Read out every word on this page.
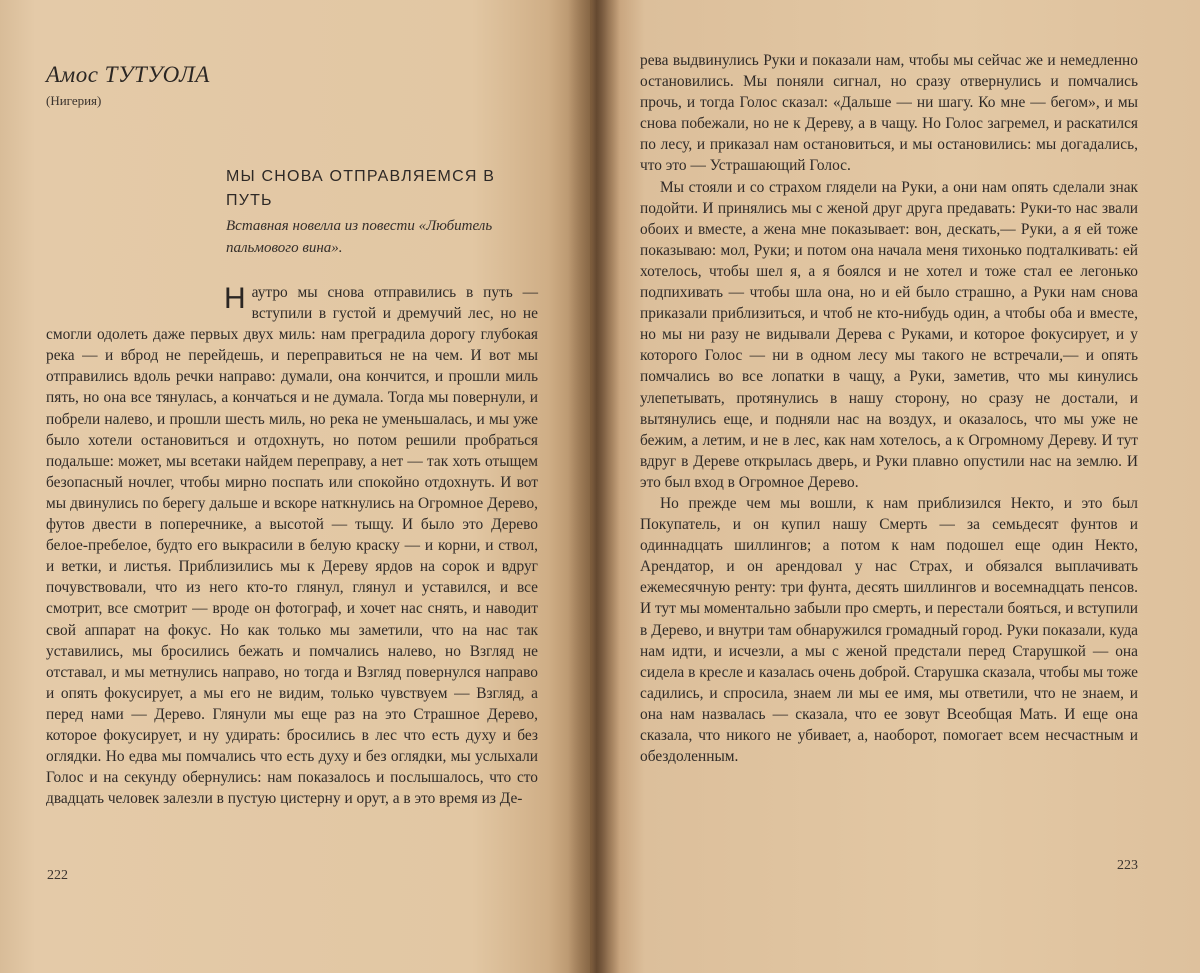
Амос ТУТУОЛА
(Нигерия)
МЫ СНОВА ОТПРАВЛЯЕМСЯ В ПУТЬ
Вставная новелла из повести «Любитель пальмового вина».

Наутро мы снова отправились в путь — вступили в густой и дремучий лес, но не смогли одолеть даже первых двух миль: нам преградила дорогу глубокая река — и вброд не перейдешь, и переправиться не на чем. И вот мы отправились вдоль речки направо: думали, она кончится, и прошли миль пять, но она все тянулась, а кончаться и не думала. Тогда мы повернули, и побрели налево, и прошли шесть миль, но река не уменьшалась, и мы уже было хотели остановиться и отдохнуть, но потом решили пробраться подальше: может, мы всетаки найдем переправу, а нет — так хоть отыщем безопасный ночлег, чтобы мирно поспать или спокойно отдохнуть. И вот мы двинулись по берегу дальше и вскоре наткнулись на Огромное Дерево, футов двести в поперечнике, а высотой — тыщу. И было это Дерево белое-пребелое, будто его выкрасили в белую краску — и корни, и ствол, и ветки, и листья. Приблизились мы к Дереву ярдов на сорок и вдруг почувствовали, что из него кто-то глянул, глянул и уставился, и все смотрит, все смотрит — вроде он фотограф, и хочет нас снять, и наводит свой аппарат на фокус. Но как только мы заметили, что на нас так уставились, мы бросились бежать и помчались налево, но Взгляд не отставал, и мы метнулись направо, но тогда и Взгляд повернулся направо и опять фокусирует, а мы его не видим, только чувствуем — Взгляд, а перед нами — Дерево. Глянули мы еще раз на это Страшное Дерево, которое фокусирует, и ну удирать: бросились в лес что есть духу и без оглядки. Но едва мы помчались что есть духу и без оглядки, мы услыхали Голос и на секунду обернулись: нам показалось и послышалось, что сто двадцать человек залезли в пустую цистерну и орут, а в это время из Де-

222

рева выдвинулись Руки и показали нам, чтобы мы сейчас же и немедленно остановились. Мы поняли сигнал, но сразу отвернулись и помчались прочь, и тогда Голос сказал: «Дальше — ни шагу. Ко мне — бегом», и мы снова побежали, но не к Дереву, а в чащу. Но Голос загремел, и раскатился по лесу, и приказал нам остановиться, и мы остановились: мы догадались, что это — Устрашающий Голос.

Мы стояли и со страхом глядели на Руки, а они нам опять сделали знак подойти. И принялись мы с женой друг друга предавать: Руки-то нас звали обоих и вместе, а жена мне показывает: вон, дескать,— Руки, а я ей тоже показываю: мол, Руки; и потом она начала меня тихонько подталкивать: ей хотелось, чтобы шел я, а я боялся и не хотел и тоже стал ее легонько подпихивать — чтобы шла она, но и ей было страшно, а Руки нам снова приказали приблизиться, и чтоб не кто-нибудь один, а чтобы оба и вместе, но мы ни разу не видывали Дерева с Руками, и которое фокусирует, и у которого Голос — ни в одном лесу мы такого не встречали,— и опять помчались во все лопатки в чащу, а Руки, заметив, что мы кинулись улепетывать, протянулись в нашу сторону, но сразу не достали, и вытянулись еще, и подняли нас на воздух, и оказалось, что мы уже не бежим, а летим, и не в лес, как нам хотелось, а к Огромному Дереву. И тут вдруг в Дереве открылась дверь, и Руки плавно опустили нас на землю. И это был вход в Огромное Дерево.

Но прежде чем мы вошли, к нам приблизился Некто, и это был Покупатель, и он купил нашу Смерть — за семьдесят фунтов и одиннадцать шиллингов; а потом к нам подошел еще один Некто, Арендатор, и он арендовал у нас Страх, и обязался выплачивать ежемесячную ренту: три фунта, десять шиллингов и восемнадцать пенсов. И тут мы моментально забыли про смерть, и перестали бояться, и вступили в Дерево, и внутри там обнаружился громадный город. Руки показали, куда нам идти, и исчезли, а мы с женой предстали перед Старушкой — она сидела в кресле и казалась очень доброй. Старушка сказала, чтобы мы тоже садились, и спросила, знаем ли мы ее имя, мы ответили, что не знаем, и она нам назвалась — сказала, что ее зовут Всеобщая Мать. И еще она сказала, что никого не убивает, а, наоборот, помогает всем несчастным и обездоленным.

223
